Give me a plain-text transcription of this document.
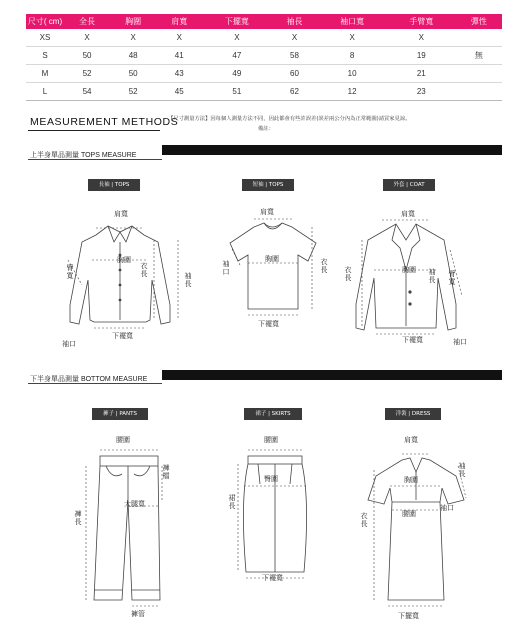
尺寸( cm)	全長	胸圍	肩寬	下擺寬	袖長	袖口寬	手臂寬	彈性
XS	X	X	X	X	X	X	X	
S	50	48	41	47	58	8	19	無
M	52	50	43	49	60	10	21	
L	54	52	45	51	62	12	23	
MEASUREMENT METHODS
【尺寸測量方法】因每個人測量方法不同，因此都會有些許誤差(誤差兩公分內為正常範圍)請買家見諒。
備註：
上半身單品測量 TOPS MEASURE
長袖 | TOPS	短袖 | TOPS	外套 | COAT
肩寬
胸圍
衣長	袖長
臂寬
下襬寬
袖口
肩寬
胸圍	衣長
袖口
下襬寬
肩寬
胸圍
衣長
袖長
臂寬
下襬寬	袖口
下半身單品測量 BOTTOM MEASURE
褲子 | PANTS	裙子 | SKIRTS	洋裝 | DRESS
腰圍
褲檔
大腿寬
褲長
褲管
腰圍
臀圍
裙長
下襬寬
肩寬
胸圍
腰圍
衣長
袖長
袖口
下擺寬
